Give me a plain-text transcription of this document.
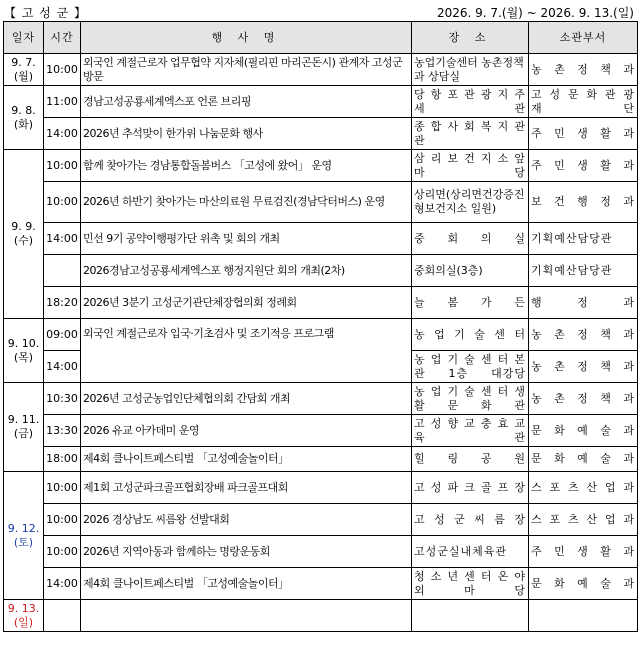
【 고 성 군 】	2026. 9. 7.(월) ~ 2026. 9. 13.(일)
일자	시간	행 사 명	장 소	소관부서

9. 7.
(월)	10:00	외국인 계절근로자 업무협약 지자체(필리핀 마리곤돈시) 관계자 고성군 방문	농업기술센터 농촌정책과 상담실	농 촌 정 책 과

9. 8.
(화)	11:00	경남고성공룡세계엑스포 언론 브리핑	당 항 포 관 광 지 주 세 관	고 성 문 화 관 광 재 단
	14:00	2026년 추석맞이 한가위 나눔문화 행사	종 합 사 회 복 지 관 관	주 민 생 활 과

9. 9.
(수)	10:00	함께 찾아가는 경남통합돌봄버스 「고성에 왔어」 운영	삼 리 보 건 지 소 앞 마 당	주 민 생 활 과
	10:00	2026년 하반기 찾아가는 마산의료원 무료검진(경남닥터버스) 운영	상리면(상리면건강증진형보건지소 일원)	보 건 행 정 과
	14:00	민선 9기 공약이행평가단 위촉 및 회의 개최	중 회 의 실	기획예산담당관
		2026경남고성공룡세계엑스포 행정지원단 회의 개최(2차)	중회의실(3층)	기획예산담당관
	18:20	2026년 3분기 고성군기관단체장협의회 정례회	늘 봄 가 든	행 정 과

9. 10.
(목)	09:00	외국인 계절근로자 입국·기초검사 및 조기적응 프로그램	농 업 기 술 센 터	농 촌 정 책 과
	14:00		농 업 기 술 센 터 본관 1층 대강당	농 촌 정 책 과

9. 11.
(금)	10:30	2026년 고성군농업인단체협의회 간담회 개최	농 업 기 술 센 터 생 활 문 화 관	농 촌 정 책 과
	13:30	2026 유교 아카데미 운영	고 성 향 교 충 효 교 육 관	문 화 예 술 과
	18:00	제4회 클나이트페스티벌 「고성예술놀이터」	힐 링 공 원	문 화 예 술 과

9. 12.
(토)	10:00	제1회 고성군파크골프협회장배 파크골프대회	고 성 파 크 골 프 장	스 포 츠 산 업 과
	10:00	2026 경상남도 씨름왕 선발대회	고 성 군 씨 름 장	스 포 츠 산 업 과
	10:00	2026년 지역아동과 함께하는 명랑운동회	고성군실내체육관	주 민 생 활 과
	14:00	제4회 클나이트페스티벌 「고성예술놀이터」	청 소 년 센 터 온 야 외 마 당	문 화 예 술 과

9. 13.
(일)				
